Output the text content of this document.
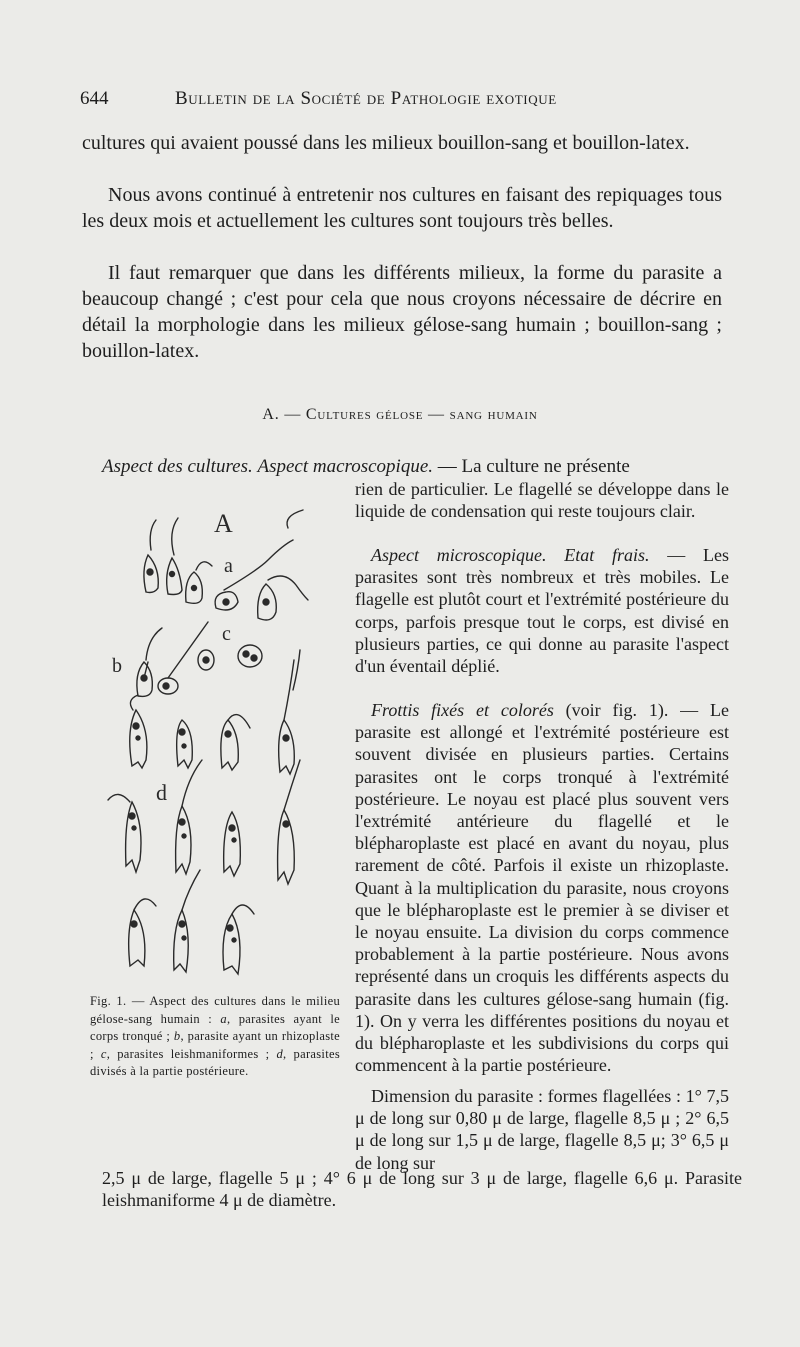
644	Bulletin de la Société de Pathologie exotique

cultures qui avaient poussé dans les milieux bouillon-sang et bouillon-latex.

Nous avons continué à entretenir nos cultures en faisant des repiquages tous les deux mois et actuellement les cultures sont toujours très belles.

Il faut remarquer que dans les différents milieux, la forme du parasite a beaucoup changé ; c'est pour cela que nous croyons nécessaire de décrire en détail la morphologie dans les milieux gélose-sang humain ; bouillon-sang ; bouillon-latex.

A. — Cultures gélose — sang humain
Aspect des cultures. Aspect macroscopique. — La culture ne présente

rien de particulier. Le flagellé se développe dans le liquide de condensation qui reste toujours clair.

Aspect microscopique. Etat frais. — Les parasites sont très nombreux et très mobiles. Le flagelle est plutôt court et l'extrémité postérieure du corps, parfois presque tout le corps, est divisé en plusieurs parties, ce qui donne au parasite l'aspect d'un éventail déplié.

Frottis fixés et colorés (voir fig. 1). — Le parasite est allongé et l'extrémité postérieure est souvent divisée en plusieurs parties. Certains parasites ont le corps tronqué à l'extrémité postérieure. Le noyau est placé plus souvent vers l'extrémité antérieure du flagellé et le blépharoplaste est placé en avant du noyau, plus rarement de côté. Parfois il existe un rhizoplaste. Quant à la multiplication du parasite, nous croyons que le blépharoplaste est le premier à se diviser et le noyau ensuite. La division du corps commence probablement à la partie postérieure. Nous avons représenté dans un croquis les différents aspects du parasite dans les cultures gélose-sang humain (fig. 1). On y verra les différentes positions du noyau et du blépharoplaste et les subdivisions du corps qui commencent à la partie postérieure.

Dimension du parasite : formes flagellées : 1° 7,5 μ de long sur 0,80 μ de large, flagelle 8,5 μ ; 2° 6,5 μ de long sur 1,5 μ de large, flagelle 8,5 μ; 3° 6,5 μ de long sur

2,5 μ de large, flagelle 5 μ ; 4° 6 μ de long sur 3 μ de large, flagelle 6,6 μ. Parasite leishmaniforme 4 μ de diamètre.

A
a
b
c
d

Fig. 1. — Aspect des cultures dans le milieu gélose-sang humain : a, parasites ayant le corps tronqué ; b, parasite ayant un rhizoplaste ; c, parasites leishmaniformes ; d, parasites divisés à la partie postérieure.
